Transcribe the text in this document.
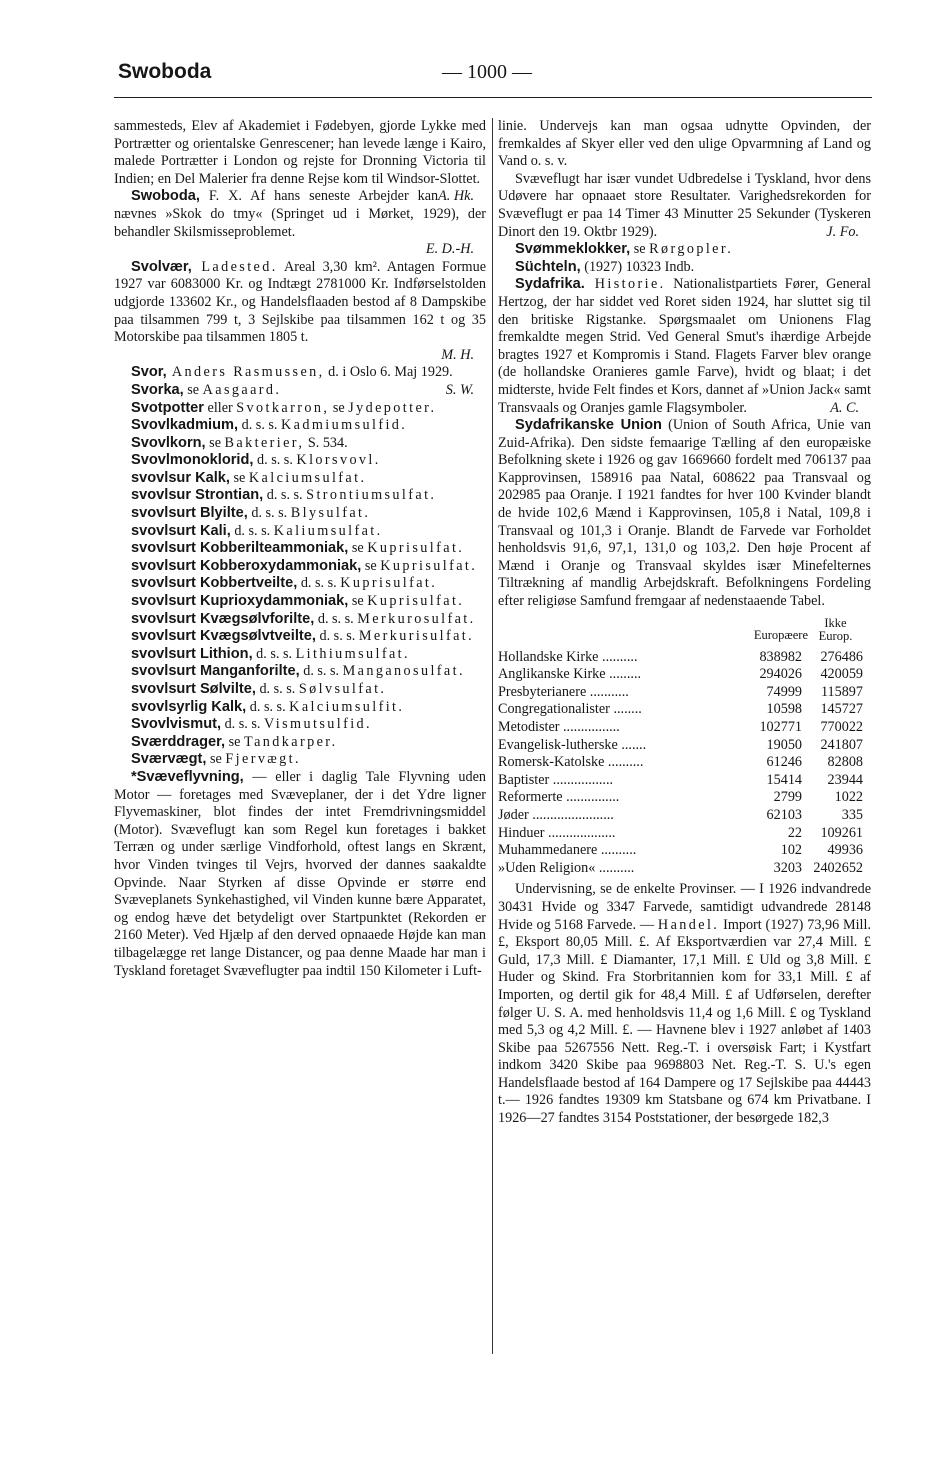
Swoboda	— 1000 —

sammesteds, Elev af Akademiet i Fødebyen, gjorde Lykke med Portrætter og orientalske Genrescener; han levede længe i Kairo, malede Portrætter i London og rejste for Dronning Victoria til Indien; en Del Malerier fra denne Rejse kom til Windsor-Slottet.
A. Hk.

Swoboda, F. X. Af hans seneste Arbejder kan nævnes »Skok do tmy« (Springet ud i Mørket, 1929), der behandler Skilsmisseproblemet.

E. D.-H.

Svolvær, Ladested. Areal 3,30 km². Antagen Formue 1927 var 6083000 Kr. og Indtægt 2781000 Kr. Indførselstolden udgjorde 133602 Kr., og Handelsflaaden bestod af 8 Dampskibe paa tilsammen 799 t, 3 Sejlskibe paa tilsammen 162 t og 35 Motorskibe paa tilsammen 1805 t.

M. H.

Svor, Anders Rasmussen, d. i Oslo 6. Maj 1929.
S. W.

Svorka, se Aasgaard.

Svotpotter eller Svotkarron, se Jydepotter.

Svovlkadmium, d. s. s. Kadmiumsulfid.

Svovlkorn, se Bakterier, S. 534.

Svovlmonoklorid, d. s. s. Klorsvovl.

svovlsur Kalk, se Kalciumsulfat.

svovlsur Strontian, d. s. s. Strontiumsulfat.

svovlsurt Blyilte, d. s. s. Blysulfat.

svovlsurt Kali, d. s. s. Kaliumsulfat.

svovlsurt Kobberilteammoniak, se Kuprisulfat.

svovlsurt Kobberoxydammoniak, se Kuprisulfat.

svovlsurt Kobbertveilte, d. s. s. Kuprisulfat.

svovlsurt Kuprioxydammoniak, se Kuprisulfat.

svovlsurt Kvægsølvforilte, d. s. s. Merkurosulfat.

svovlsurt Kvægsølvtveilte, d. s. s. Merkurisulfat.

svovlsurt Lithion, d. s. s. Lithiumsulfat.

svovlsurt Manganforilte, d. s. s. Manganosulfat.

svovlsurt Sølvilte, d. s. s. Sølvsulfat.

svovlsyrlig Kalk, d. s. s. Kalciumsulfit.

Svovlvismut, d. s. s. Vismutsulfid.

Sværddrager, se Tandkarper.

Sværvægt, se Fjervægt.

*Svæveflyvning, — eller i daglig Tale Flyvning uden Motor — foretages med Svæveplaner, der i det Ydre ligner Flyvemaskiner, blot findes der intet Fremdrivningsmiddel (Motor). Svæveflugt kan som Regel kun foretages i bakket Terræn og under særlige Vindforhold, oftest langs en Skrænt, hvor Vinden tvinges til Vejrs, hvorved der dannes saakaldte Opvinde. Naar Styrken af disse Opvinde er større end Svæveplanets Synkehastighed, vil Vinden kunne bære Apparatet, og endog hæve det betydeligt over Startpunktet (Rekorden er 2160 Meter). Ved Hjælp af den derved opnaaede Højde kan man tilbagelægge ret lange Distancer, og paa denne Maade har man i Tyskland foretaget Svæveflugter paa indtil 150 Kilometer i Luft-

linie. Undervejs kan man ogsaa udnytte Opvinden, der fremkaldes af Skyer eller ved den ulige Opvarmning af Land og Vand o. s. v.

Svæveflugt har især vundet Udbredelse i Tyskland, hvor dens Udøvere har opnaaet store Resultater. Varighedsrekorden for Svæveflugt er paa 14 Timer 43 Minutter 25 Sekunder (Tyskeren Dinort den 19. Oktbr 1929).	J. Fo.

Svømmeklokker, se Rørgopler.

Süchteln, (1927) 10323 Indb.

Sydafrika. Historie. Nationalistpartiets Fører, General Hertzog, der har siddet ved Roret siden 1924, har sluttet sig til den britiske Rigstanke. Spørgsmaalet om Unionens Flag fremkaldte megen Strid. Ved General Smut's ihærdige Arbejde bragtes 1927 et Kompromis i Stand. Flagets Farver blev orange (de hollandske Oranieres gamle Farve), hvidt og blaat; i det midterste, hvide Felt findes et Kors, dannet af »Union Jack« samt Transvaals og Oranjes gamle Flagsymboler.	A. C.

Sydafrikanske Union (Union of South Africa, Unie van Zuid-Afrika). Den sidste femaarige Tælling af den europæiske Befolkning skete i 1926 og gav 1669660 fordelt med 706137 paa Kapprovinsen, 158916 paa Natal, 608622 paa Transvaal og 202985 paa Oranje. I 1921 fandtes for hver 100 Kvinder blandt de hvide 102,6 Mænd i Kapprovinsen, 105,8 i Natal, 109,8 i Transvaal og 101,3 i Oranje. Blandt de Farvede var Forholdet henholdsvis 91,6, 97,1, 131,0 og 103,2. Den høje Procent af Mænd i Oranje og Transvaal skyldes især Minefelternes Tiltrækning af mandlig Arbejdskraft. Befolkningens Fordeling efter religiøse Samfund fremgaar af nedenstaaende Tabel.

Europæere
Ikke Europ.
Hollandske Kirke ..........	838982	276486
Anglikanske Kirke .........	294026	420059
Presbyterianere ...........	74999	115897
Congregationalister ........	10598	145727
Metodister ................	102771	770022
Evangelisk-lutherske .......	19050	241807
Romersk-Katolske ..........	61246	82808
Baptister .................	15414	23944
Reformerte ...............	2799	1022
Jøder .......................	62103	335
Hinduer ...................	22	109261
Muhammedanere ..........	102	49936
»Uden Religion« ..........	3203 2402652

Undervisning, se de enkelte Provinser. — I 1926 indvandrede 30431 Hvide og 3347 Farvede, samtidigt udvandrede 28148 Hvide og 5168 Farvede. — Handel. Import (1927) 73,96 Mill. £, Eksport 80,05 Mill. £. Af Eksportværdien var 27,4 Mill. £ Guld, 17,3 Mill. £ Diamanter, 17,1 Mill. £ Uld og 3,8 Mill. £ Huder og Skind. Fra Storbritannien kom for 33,1 Mill. £ af Importen, og dertil gik for 48,4 Mill. £ af Udførselen, derefter følger U. S. A. med henholdsvis 11,4 og 1,6 Mill. £ og Tyskland med 5,3 og 4,2 Mill. £. — Havnene blev i 1927 anløbet af 1403 Skibe paa 5267556 Nett. Reg.-T. i oversøisk Fart; i Kystfart indkom 3420 Skibe paa 9698803 Net. Reg.-T. S. U.'s egen Handelsflaade bestod af 164 Dampere og 17 Sejlskibe paa 44443 t.— 1926 fandtes 19309 km Statsbane og 674 km Privatbane. I 1926—27 fandtes 3154 Poststationer, der besørgede 182,3
